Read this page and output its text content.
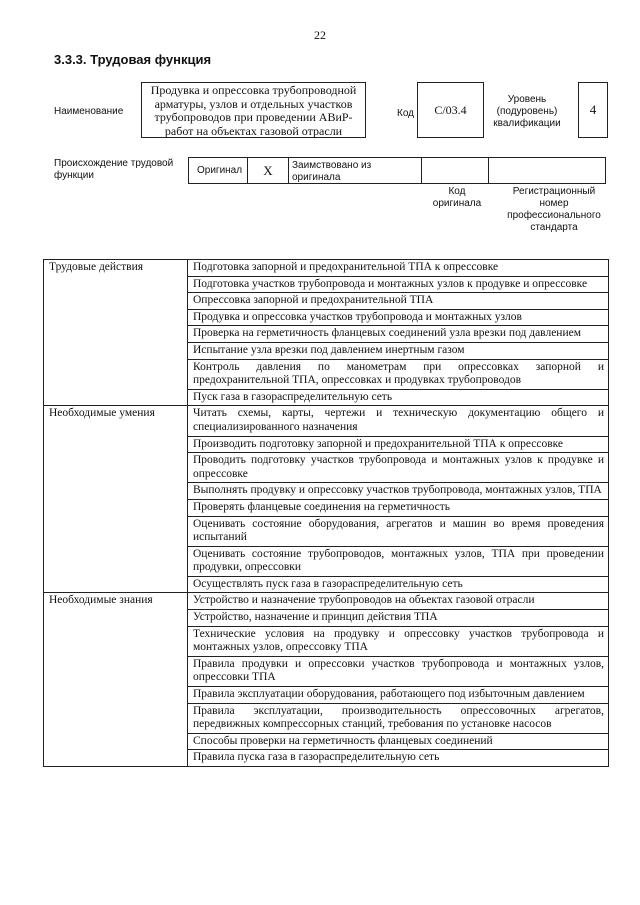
22
3.3.3. Трудовая функция
Наименование
Продувка и опрессовка трубопроводной арматуры, узлов и отдельных участков трубопроводов при проведении АВиР-работ на объектах газовой отрасли
Код	С/03.4
Уровень (подуровень) квалификации
4
Происхождение трудовой функции	Оригинал	Х	Заимствовано из оригинала
Код оригинала
Регистрационный номер профессионального стандарта
Трудовые действия	Подготовка запорной и предохранительной ТПА к опрессовке
	Подготовка участков трубопровода и монтажных узлов к продувке и опрессовке
	Опрессовка запорной и предохранительной ТПА
	Продувка и опрессовка участков трубопровода и монтажных узлов
	Проверка на герметичность фланцевых соединений узла врезки под давлением
	Испытание узла врезки под давлением инертным газом
	Контроль давления по манометрам при опрессовках запорной и предохранительной ТПА, опрессовках и продувках трубопроводов
	Пуск газа в газораспределительную сеть
Необходимые умения	Читать схемы, карты, чертежи и техническую документацию общего и специализированного назначения
	Производить подготовку запорной и предохранительной ТПА к опрессовке
	Проводить подготовку участков трубопровода и монтажных узлов к продувке и опрессовке
	Выполнять продувку и опрессовку участков трубопровода, монтажных узлов, ТПА
	Проверять фланцевые соединения на герметичность
	Оценивать состояние оборудования, агрегатов и машин во время проведения испытаний
	Оценивать состояние трубопроводов, монтажных узлов, ТПА при проведении продувки, опрессовки
	Осуществлять пуск газа в газораспределительную сеть
Необходимые знания	Устройство и назначение трубопроводов на объектах газовой отрасли
	Устройство, назначение и принцип действия ТПА
	Технические условия на продувку и опрессовку участков трубопровода и монтажных узлов, опрессовку ТПА
	Правила продувки и опрессовки участков трубопровода и монтажных узлов, опрессовки ТПА
	Правила эксплуатации оборудования, работающего под избыточным давлением
	Правила эксплуатации, производительность опрессовочных агрегатов, передвижных компрессорных станций, требования по установке насосов
	Способы проверки на герметичность фланцевых соединений
	Правила пуска газа в газораспределительную сеть
